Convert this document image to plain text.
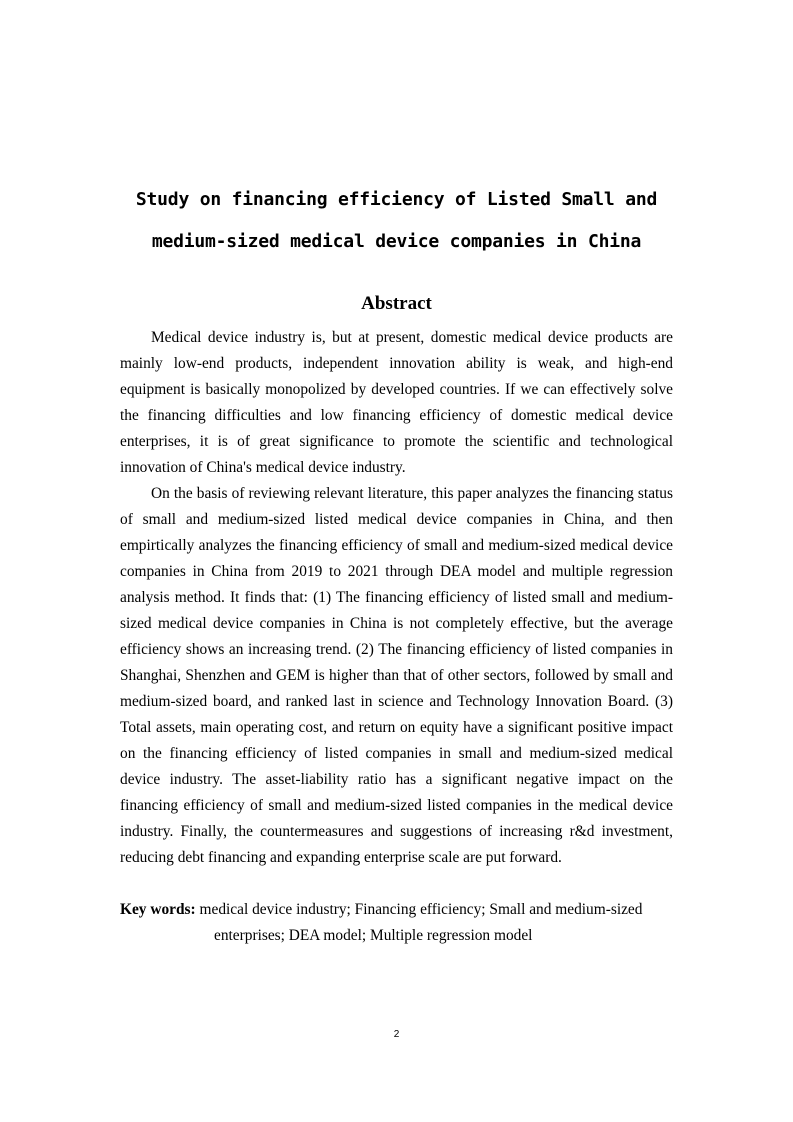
Study on financing efficiency of Listed Small and
medium-sized medical device companies in China
Abstract

Medical device industry is, but at present, domestic medical device products are mainly low-end products, independent innovation ability is weak, and high-end equipment is basically monopolized by developed countries. If we can effectively solve the financing difficulties and low financing efficiency of domestic medical device enterprises, it is of great significance to promote the scientific and technological innovation of China's medical device industry.

On the basis of reviewing relevant literature, this paper analyzes the financing status of small and medium-sized listed medical device companies in China, and then empirtically analyzes the financing efficiency of small and medium-sized medical device companies in China from 2019 to 2021 through DEA model and multiple regression analysis method. It finds that: (1) The financing efficiency of listed small and medium-sized medical device companies in China is not completely effective, but the average efficiency shows an increasing trend. (2) The financing efficiency of listed companies in Shanghai, Shenzhen and GEM is higher than that of other sectors, followed by small and medium-sized board, and ranked last in science and Technology Innovation Board. (3) Total assets, main operating cost, and return on equity have a significant positive impact on the financing efficiency of listed companies in small and medium-sized medical device industry. The asset-liability ratio has a significant negative impact on the financing efficiency of small and medium-sized listed companies in the medical device industry. Finally, the countermeasures and suggestions of increasing r&d investment, reducing debt financing and expanding enterprise scale are put forward.

Key words: medical device industry; Financing efficiency; Small and medium-sized
enterprises; DEA model; Multiple regression model
2
